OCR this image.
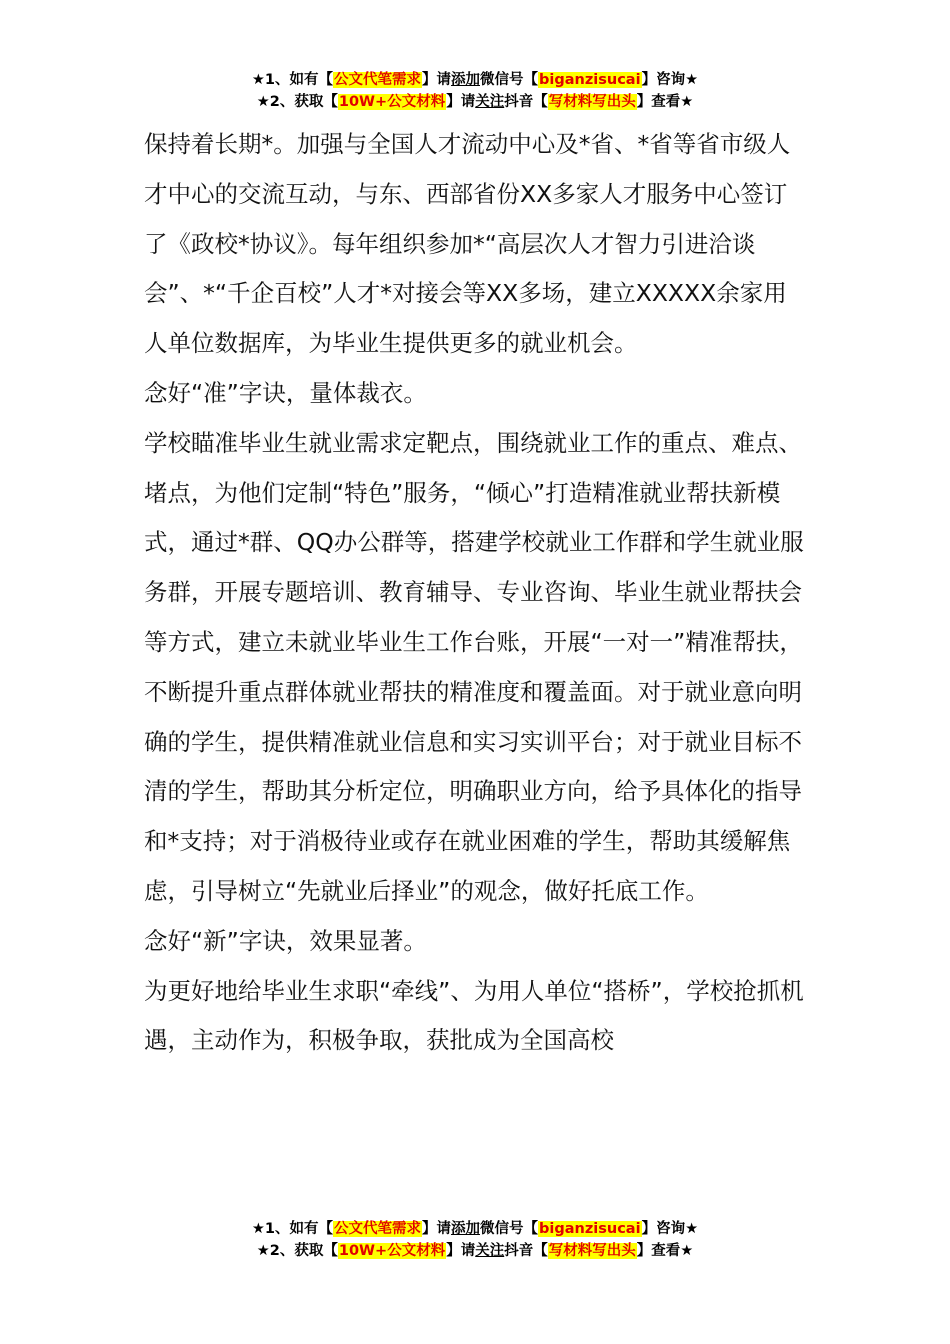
★1、如有【公文代笔需求】请添加微信号【biganzisucai】咨询★
★2、获取【10W+公文材料】请关注抖音【写材料写出头】查看★

保持着长期*。加强与全国人才流动中心及*省、*省等省市级人才中心的交流互动，与东、西部省份XX多家人才服务中心签订了《政校*协议》。每年组织参加*“高层次人才智力引进洽谈会”、*“千企百校”人才*对接会等XX多场，建立XXXXX余家用人单位数据库，为毕业生提供更多的就业机会。

念好“准”字诀，量体裁衣。

学校瞄准毕业生就业需求定靶点，围绕就业工作的重点、难点、堵点，为他们定制“特色”服务，“倾心”打造精准就业帮扶新模式，通过*群、QQ办公群等，搭建学校就业工作群和学生就业服务群，开展专题培训、教育辅导、专业咨询、毕业生就业帮扶会等方式，建立未就业毕业生工作台账，开展“一对一”精准帮扶，不断提升重点群体就业帮扶的精准度和覆盖面。对于就业意向明确的学生，提供精准就业信息和实习实训平台；对于就业目标不清的学生，帮助其分析定位，明确职业方向，给予具体化的指导和*支持；对于消极待业或存在就业困难的学生，帮助其缓解焦虑，引导树立“先就业后择业”的观念，做好托底工作。

念好“新”字诀，效果显著。

为更好地给毕业生求职“牵线”、为用人单位“搭桥”，学校抢抓机遇，主动作为，积极争取，获批成为全国高校

★1、如有【公文代笔需求】请添加微信号【biganzisucai】咨询★
★2、获取【10W+公文材料】请关注抖音【写材料写出头】查看★
